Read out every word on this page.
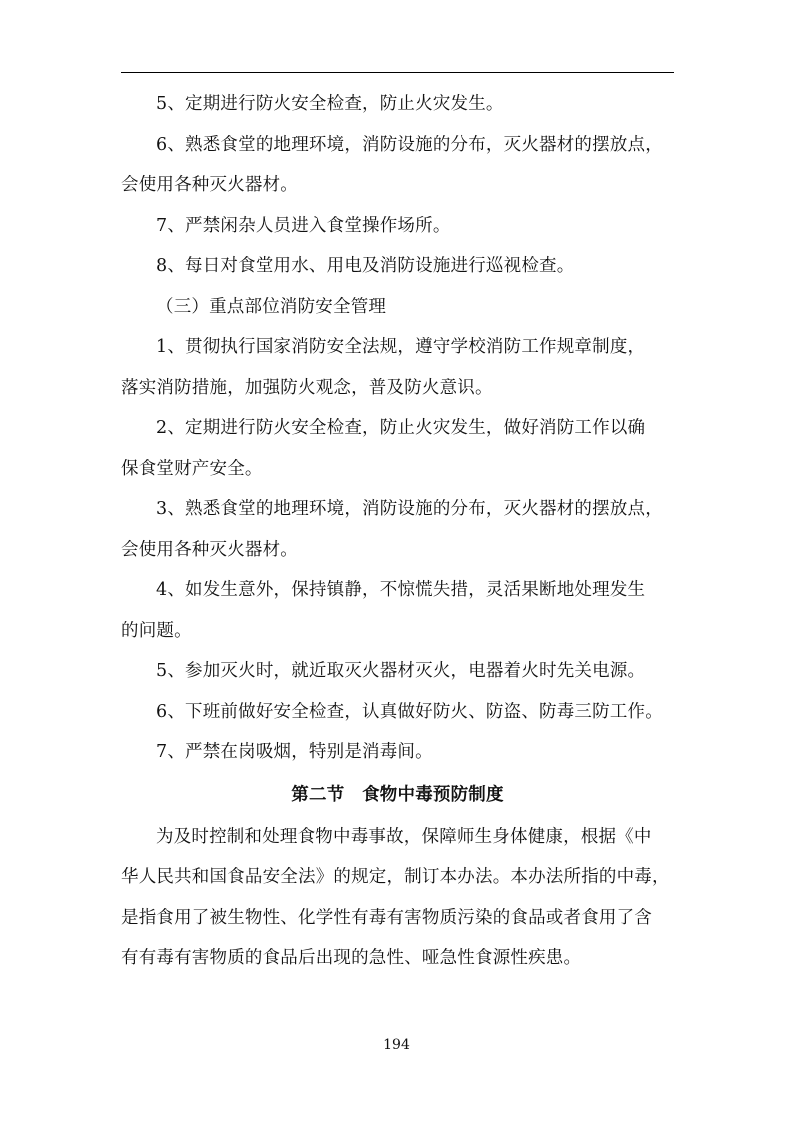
5、定期进行防火安全检查，防止火灾发生。
6、熟悉食堂的地理环境，消防设施的分布，灭火器材的摆放点，
会使用各种灭火器材。
7、严禁闲杂人员进入食堂操作场所。
8、每日对食堂用水、用电及消防设施进行巡视检查。
（三）重点部位消防安全管理
1、贯彻执行国家消防安全法规，遵守学校消防工作规章制度，
落实消防措施，加强防火观念，普及防火意识。
2、定期进行防火安全检查，防止火灾发生，做好消防工作以确
保食堂财产安全。
3、熟悉食堂的地理环境，消防设施的分布，灭火器材的摆放点，
会使用各种灭火器材。
4、如发生意外，保持镇静，不惊慌失措，灵活果断地处理发生
的问题。
5、参加灭火时，就近取灭火器材灭火，电器着火时先关电源。
6、下班前做好安全检查，认真做好防火、防盗、防毒三防工作。
7、严禁在岗吸烟，特别是消毒间。
第二节　食物中毒预防制度
为及时控制和处理食物中毒事故，保障师生身体健康，根据《中
华人民共和国食品安全法》的规定，制订本办法。本办法所指的中毒，
是指食用了被生物性、化学性有毒有害物质污染的食品或者食用了含
有有毒有害物质的食品后出现的急性、哑急性食源性疾患。
194
